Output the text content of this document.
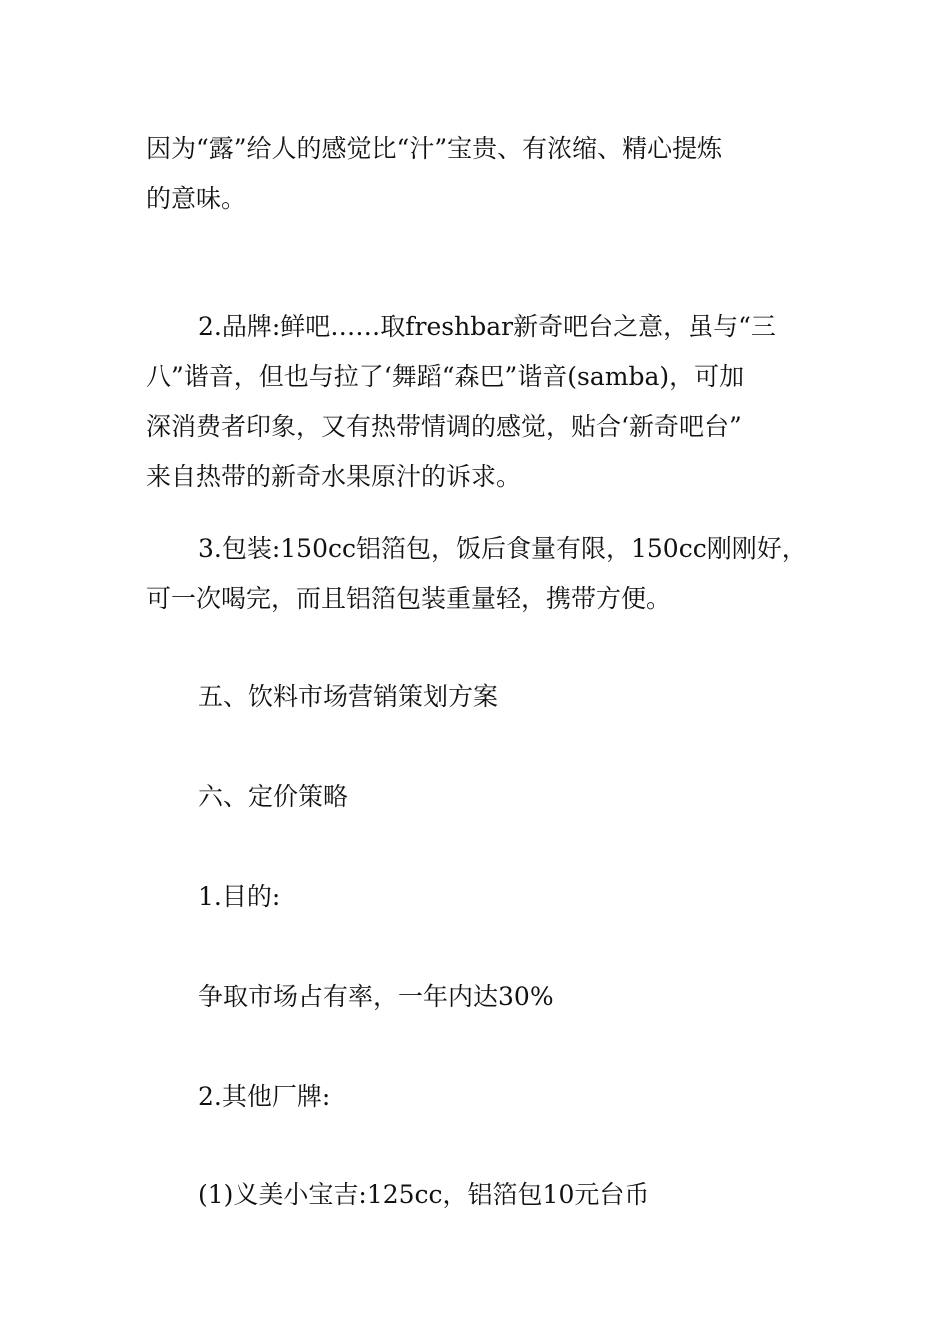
因为“露”给人的感觉比“汁”宝贵、有浓缩、精心提炼
的意味。
2.品牌:鲜吧……取freshbar新奇吧台之意，虽与“三
八”谐音，但也与拉了‘舞蹈“森巴”谐音(samba)，可加
深消费者印象，又有热带情调的感觉，贴合‘新奇吧台”
来自热带的新奇水果原汁的诉求。
3.包装:150cc铝箔包，饭后食量有限，150cc刚刚好，
可一次喝完，而且铝箔包装重量轻，携带方便。
五、饮料市场营销策划方案
六、定价策略
1.目的:
争取市场占有率，一年内达30%
2.其他厂牌:
(1)义美小宝吉:125cc，铝箔包10元台币
